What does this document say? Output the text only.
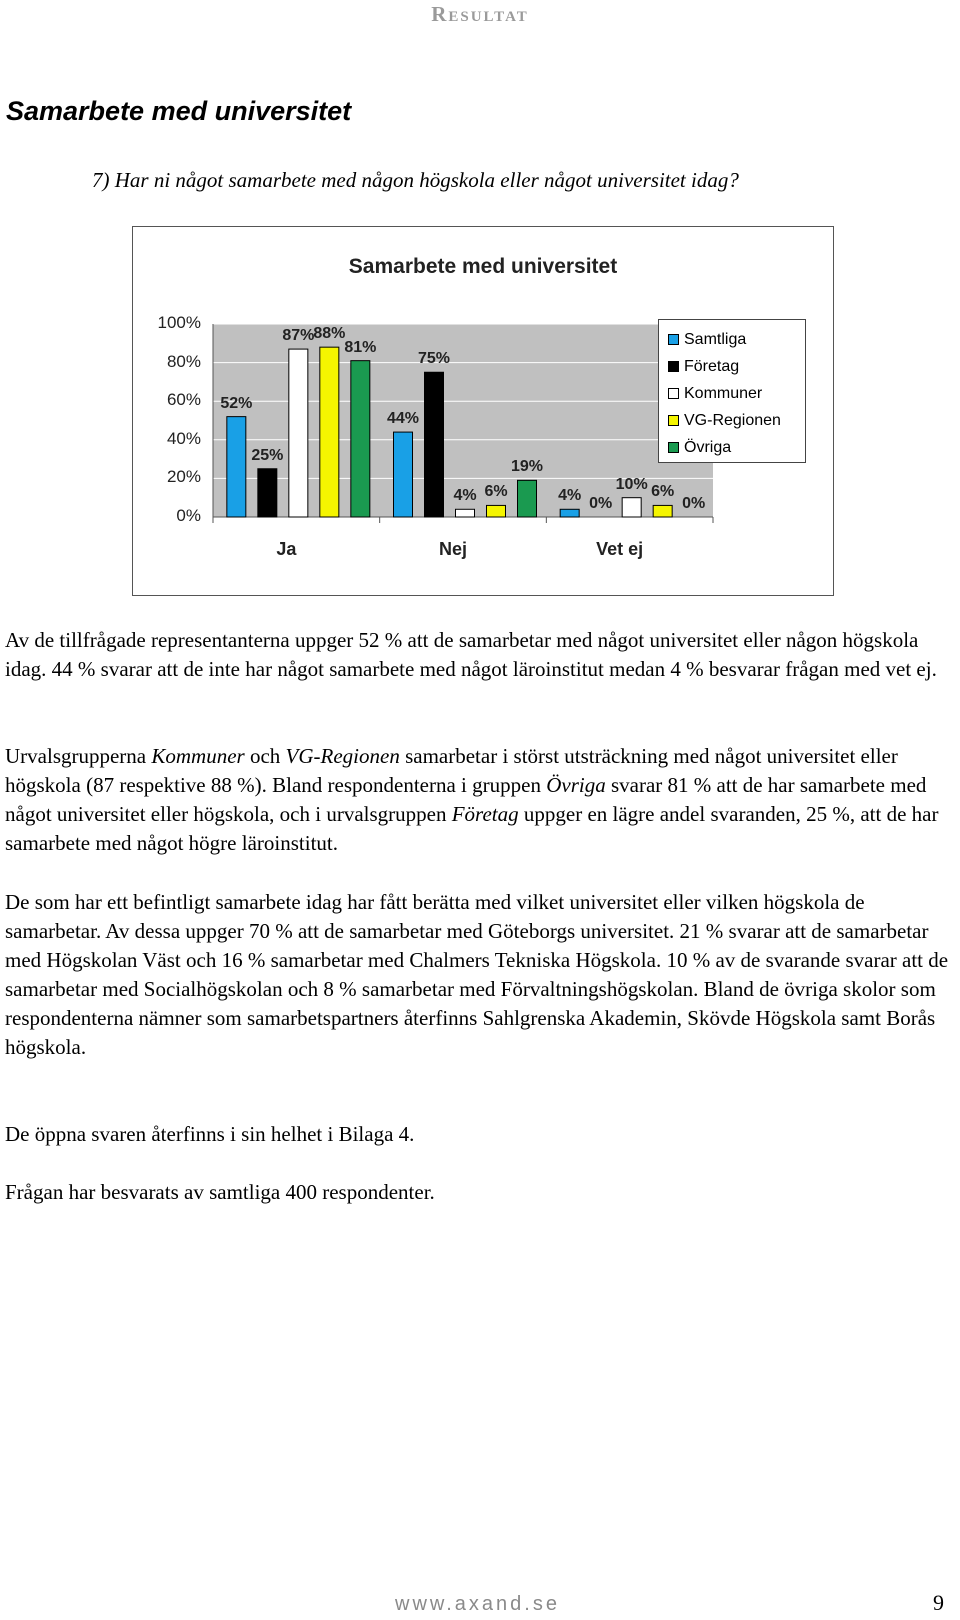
Resultat
Samarbete med universitet
7) Har ni något samarbete med någon högskola eller något universitet idag?
Samarbete med universitet
0%
20%
40%
60%
80%
100%
52%
25%
87%
88%
81%
44%
75%
4% 6%
19%
4% 0%
10% 6%
0%
Ja	Nej	Vet ej
Samtliga
Företag
Kommuner
VG-Regionen
Övriga
Av de tillfrågade representanterna uppger 52 % att de samarbetar med något universitet eller någon högskola idag. 44 % svarar att de inte har något samarbete med något läroinstitut medan 4 % besvarar frågan med vet ej.
Urvalsgrupperna Kommuner och VG-Regionen samarbetar i störst utsträckning med något universitet eller högskola (87 respektive 88 %). Bland respondenterna i gruppen Övriga svarar 81 % att de har samarbete med något universitet eller högskola, och i urvalsgruppen Företag uppger en lägre andel svaranden, 25 %, att de har samarbete med något högre läroinstitut.
De som har ett befintligt samarbete idag har fått berätta med vilket universitet eller vilken högskola de samarbetar. Av dessa uppger 70 % att de samarbetar med Göteborgs universitet. 21 % svarar att de samarbetar med Högskolan Väst och 16 % samarbetar med Chalmers Tekniska Högskola. 10 % av de svarande svarar att de samarbetar med Socialhögskolan och 8 % samarbetar med Förvaltningshögskolan. Bland de övriga skolor som respondenterna nämner som samarbetspartners återfinns Sahlgrenska Akademin, Skövde Högskola samt Borås högskola.
De öppna svaren återfinns i sin helhet i Bilaga 4.
Frågan har besvarats av samtliga 400 respondenter.
www.axand.se	9
